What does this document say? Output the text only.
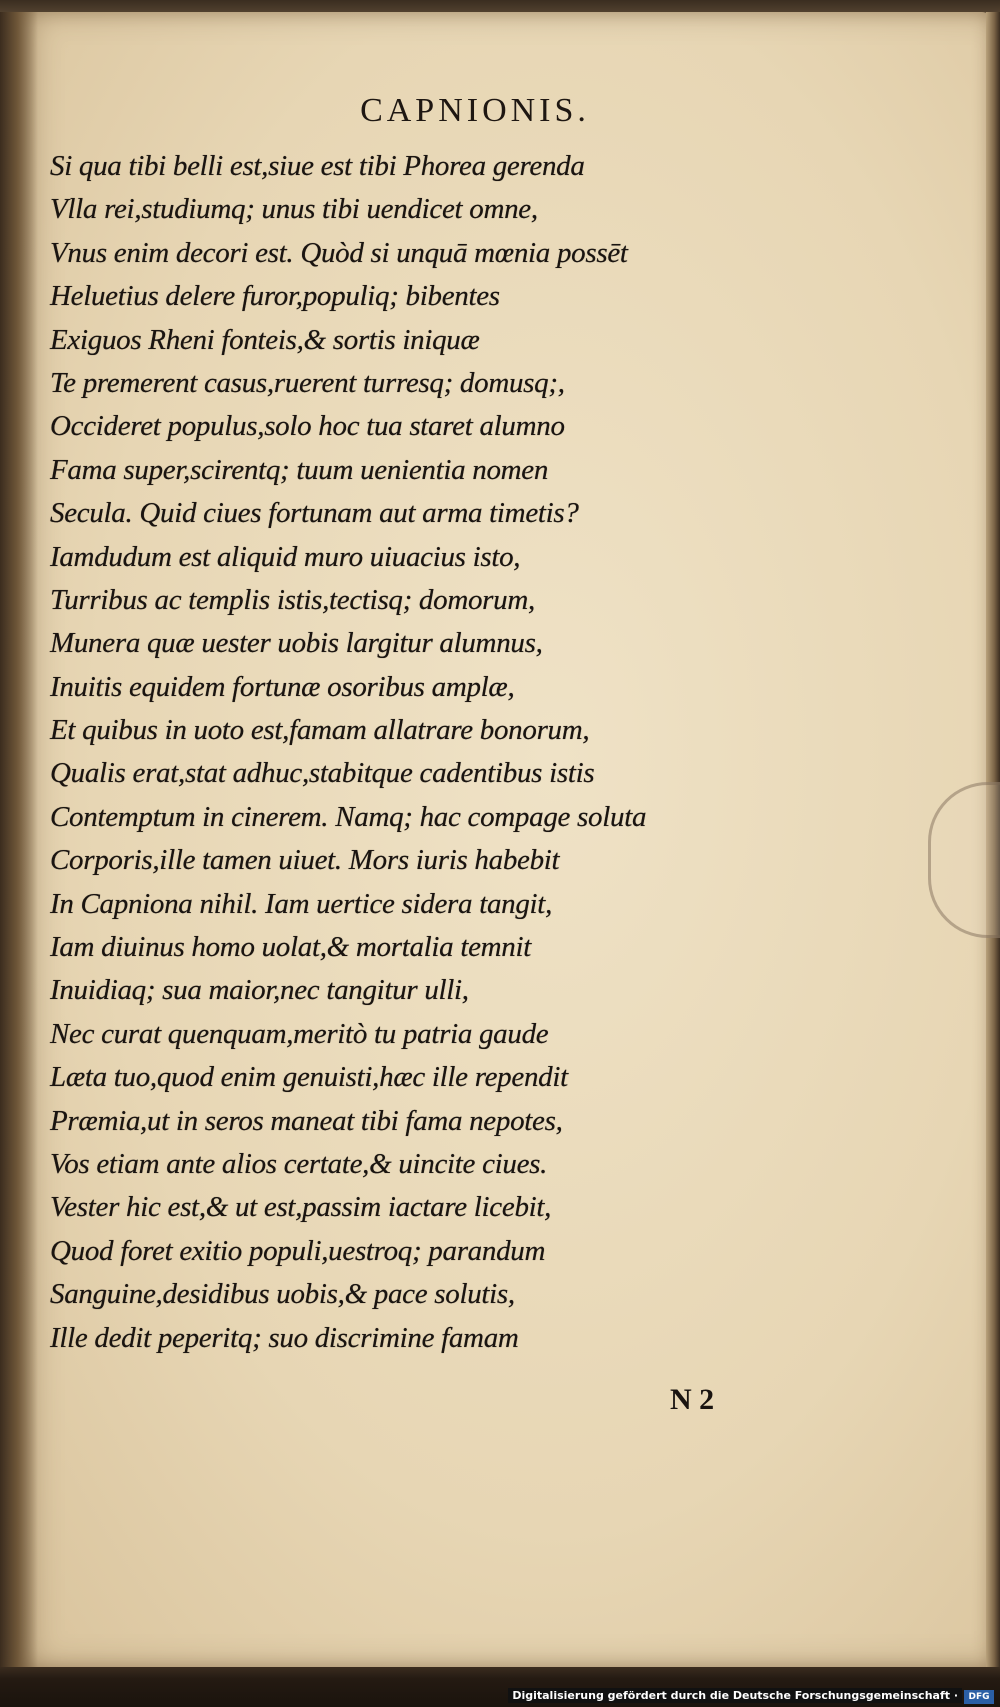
CAPNIONIS.
Si qua tibi belli est,siue est tibi Phorea gerenda
Vlla rei,studiumq; unus tibi uendicet omne,
Vnus enim decori est. Quòd si unquā mœnia possēt
Heluetius delere furor,populiq; bibentes
Exiguos Rheni fonteis,& sortis iniquæ
Te premerent casus,ruerent turresq; domusq;,
Occideret populus,solo hoc tua staret alumno
Fama super,scirentq; tuum uenientia nomen
Secula. Quid ciues fortunam aut arma timetis?
Iamdudum est aliquid muro uiuacius isto,
Turribus ac templis istis,tectisq; domorum,
Munera quæ uester uobis largitur alumnus,
Inuitis equidem fortunæ osoribus amplæ,
Et quibus in uoto est,famam allatrare bonorum,
Qualis erat,stat adhuc,stabitque cadentibus istis
Contemptum in cinerem. Namq; hac compage soluta
Corporis,ille tamen uiuet. Mors iuris habebit
In Capniona nihil. Iam uertice sidera tangit,
Iam diuinus homo uolat,& mortalia temnit
Inuidiaq; sua maior,nec tangitur ulli,
Nec curat quenquam,meritò tu patria gaude
Læta tuo,quod enim genuisti,hæc ille rependit
Præmia,ut in seros maneat tibi fama nepotes,
Vos etiam ante alios certate,& uincite ciues.
Vester hic est,& ut est,passim iactare licebit,
Quod foret exitio populi,uestroq; parandum
Sanguine,desidibus uobis,& pace solutis,
Ille dedit peperitq; suo discrimine famam
N 2
Digitalisierung gefördert durch die Deutsche Forschungsgemeinschaft ·	DFG
